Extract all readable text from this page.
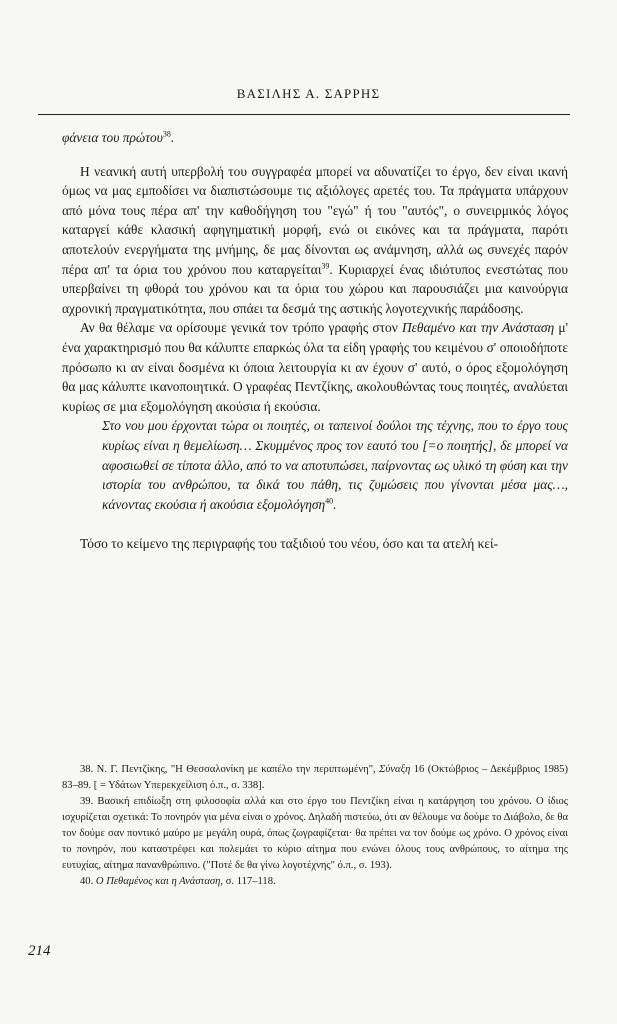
ΒΑΣΙΛΗΣ Α. ΣΑΡΡΗΣ

φάνεια του πρώτου$^{38}$.

Η νεανική αυτή υπερβολή του συγγραφέα μπορεί να αδυνατίζει το έργο, δεν είναι ικανή όμως να μας εμποδίσει να διαπιστώσουμε τις αξιόλογες αρετές του. Τα πράγματα υπάρχουν από μόνα τους πέρα απ' την καθοδήγηση του "εγώ" ή του "αυτός", ο συνειρμικός λόγος καταργεί κάθε κλασική αφηγηματική μορφή, ενώ οι εικόνες και τα πράγματα, παρότι αποτελούν ενεργήματα της μνήμης, δε μας δίνονται ως ανάμνηση, αλλά ως συνεχές παρόν πέρα απ' τα όρια του χρόνου που καταργείται$^{39}$. Κυριαρχεί ένας ιδιότυπος ενεστώτας που υπερβαίνει τη φθορά του χρόνου και τα όρια του χώρου και παρουσιάζει μια καινούργια αχρονική πραγματικότητα, που σπάει τα δεσμά της αστικής λογοτεχνικής παράδοσης.

Αν θα θέλαμε να ορίσουμε γενικά τον τρόπο γραφής στον Πεθαμένο και την Ανάσταση μ' ένα χαρακτηρισμό που θα κάλυπτε επαρκώς όλα τα είδη γραφής του κειμένου σ' οποιοδήποτε πρόσωπο κι αν είναι δοσμένα κι όποια λειτουργία κι αν έχουν σ' αυτό, ο όρος εξομολόγηση θα μας κάλυπτε ικανοποιητικά. Ο γραφέας Πεντζίκης, ακολουθώντας τους ποιητές, αναλύεται κυρίως σε μια εξομολόγηση ακούσια ή εκούσια.

Στο νου μου έρχονται τώρα οι ποιητές, οι ταπεινοί δούλοι της τέχνης, που το έργο τους κυρίως είναι η θεμελίωση… Σκυμμένος προς τον εαυτό του [=ο ποιητής], δε μπορεί να αφοσιωθεί σε τίποτα άλλο, από το να αποτυπώσει, παίρνοντας ως υλικό τη φύση και την ιστορία του ανθρώπου, τα δικά του πάθη, τις ζυμώσεις που γίνονται μέσα μας…, κάνοντας εκούσια ή ακούσια εξομολόγηση$^{40}$.

Τόσο το κείμενο της περιγραφής του ταξιδιού του νέου, όσο και τα ατελή κεί-

38. Ν. Γ. Πεντζίκης, "Η Θεσσαλονίκη με καπέλο την περιπτωμένη", Σύναξη 16 (Οκτώβριος – Δεκέμβριος 1985) 83–89. [ = Υδάτων Υπερεκχείλιση ό.π., σ. 338].

39. Βασική επιδίωξη στη φιλοσοφία αλλά και στο έργο του Πεντζίκη είναι η κατάργηση του χρόνου. Ο ίδιος ισχυρίζεται σχετικά: Το πονηρόν για μένα είναι ο χρόνος. Δηλαδή πιστεύω, ότι αν θέλουμε να δούμε το Διάβολο, δε θα τον δούμε σαν ποντικό μαύρο με μεγάλη ουρά, όπως ζωγραφίζεται· θα πρέπει να τον δούμε ως χρόνο. Ο χρόνος είναι το πονηρόν, που καταστρέφει και πολεμάει το κύριο αίτημα που ενώνει όλους τους ανθρώπους, το αίτημα της ευτυχίας, αίτημα πανανθρώπινο. ("Ποτέ δε θα γίνω λογοτέχνης" ό.π., σ. 193).

40. Ο Πεθαμένος και η Ανάσταση, σ. 117–118.

214
